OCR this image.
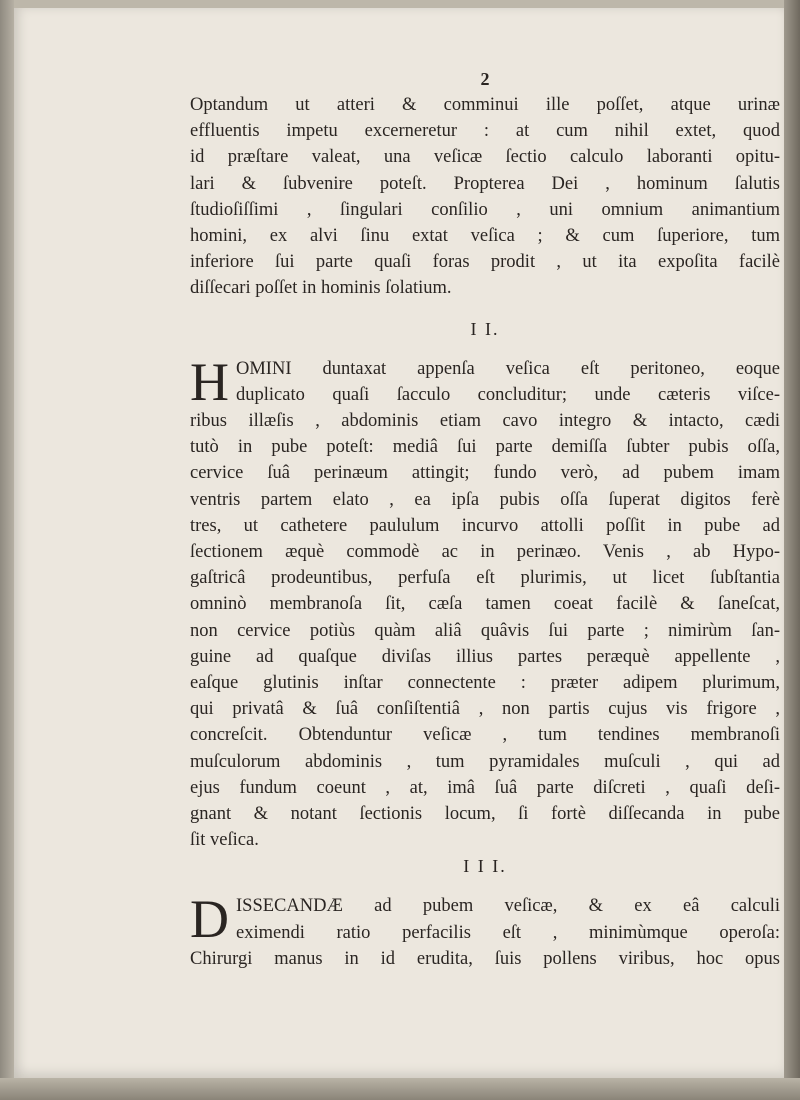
2
Optandum ut atteri & comminui ille poſſet, atque urinæ
effluentis impetu excerneretur : at cum nihil extet, quod
id præſtare valeat, una veſicæ ſectio calculo laboranti opitu-
lari & ſubvenire poteſt. Propterea Dei , hominum ſalutis
ſtudioſiſſimi , ſingulari conſilio , uni omnium animantium
homini, ex alvi ſinu extat veſica ; & cum ſuperiore, tum
inferiore ſui parte quaſi foras prodit , ut ita expoſita facilè
diſſecari poſſet in hominis ſolatium.
I I.
H OMINI duntaxat appenſa veſica eſt peritoneo, eoque
duplicato quaſi ſacculo concluditur; unde cæteris viſce-
ribus illæſis , abdominis etiam cavo integro & intacto, cædi
tutò in pube poteſt: mediâ ſui parte demiſſa ſubter pubis oſſa,
cervice ſuâ perinæum attingit; fundo verò, ad pubem imam
ventris partem elato , ea ipſa pubis oſſa ſuperat digitos ferè
tres, ut cathetere paululum incurvo attolli poſſit in pube ad
ſectionem æquè commodè ac in perinæo. Venis , ab Hypo-
gaſtricâ prodeuntibus, perfuſa eſt plurimis, ut licet ſubſtantia
omninò membranoſa ſit, cæſa tamen coeat facilè & ſaneſcat,
non cervice potiùs quàm aliâ quâvis ſui parte ; nimirùm ſan-
guine ad quaſque diviſas illius partes peræquè appellente ,
eaſque glutinis inſtar connectente : præter adipem plurimum,
qui privatâ & ſuâ conſiſtentiâ , non partis cujus vis frigore ,
concreſcit. Obtenduntur veſicæ , tum tendines membranoſi
muſculorum abdominis , tum pyramidales muſculi , qui ad
ejus fundum coeunt , at, imâ ſuâ parte diſcreti , quaſi deſi-
gnant & notant ſectionis locum, ſi fortè diſſecanda in pube
ſit veſica.
I I I.
D ISSECANDÆ ad pubem veſicæ, & ex eâ calculi
eximendi ratio perfacilis eſt , minimùmque operoſa:
Chirurgi manus in id erudita, ſuis pollens viribus, hoc opus
